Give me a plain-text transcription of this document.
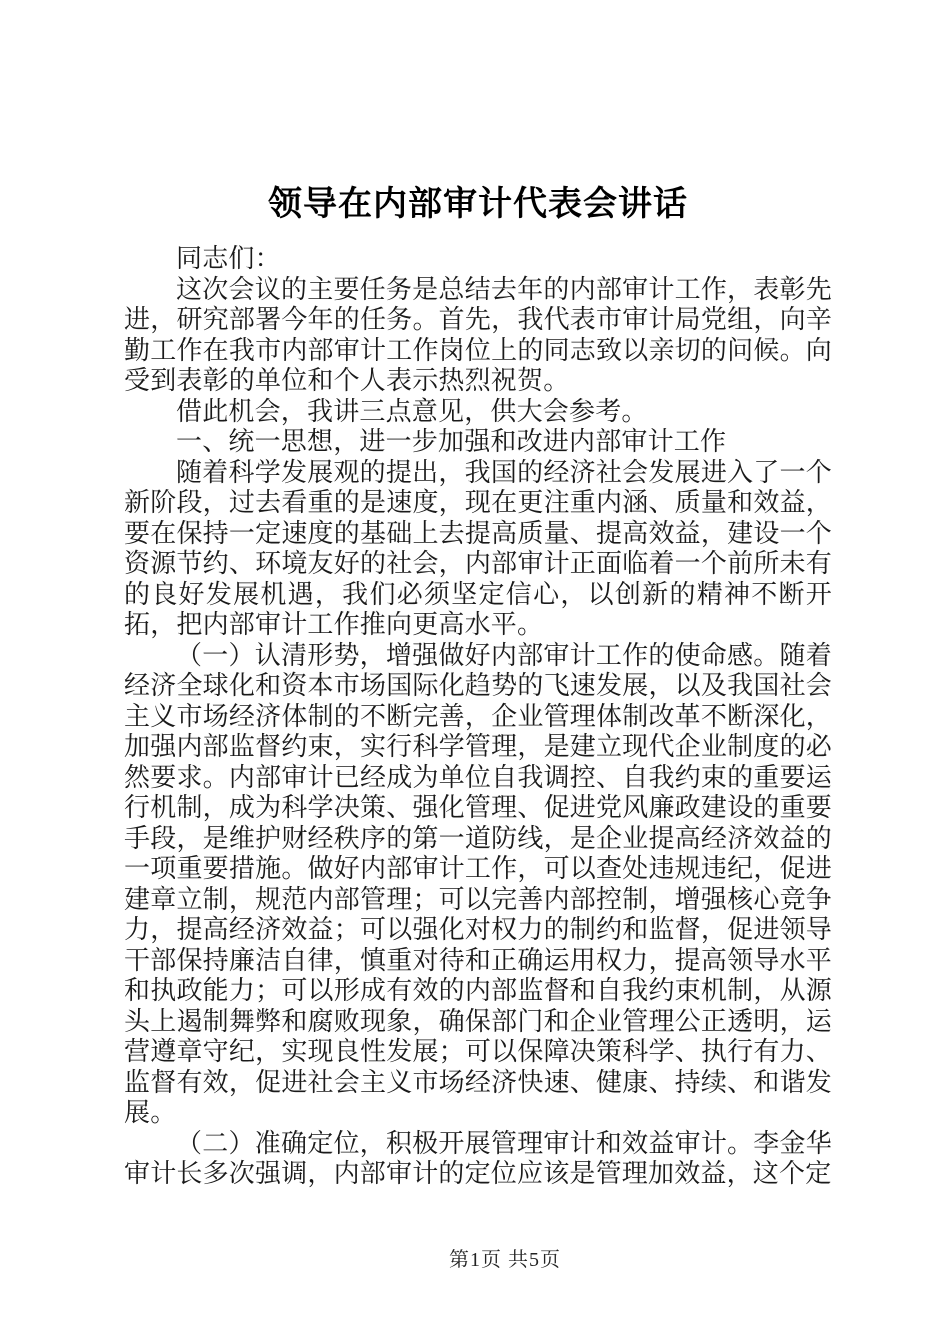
领导在内部审计代表会讲话

同志们：

这次会议的主要任务是总结去年的内部审计工作，表彰先进，研究部署今年的任务。首先，我代表市审计局党组，向辛勤工作在我市内部审计工作岗位上的同志致以亲切的问候。向受到表彰的单位和个人表示热烈祝贺。

借此机会，我讲三点意见，供大会参考。

一、统一思想，进一步加强和改进内部审计工作

随着科学发展观的提出，我国的经济社会发展进入了一个新阶段，过去看重的是速度，现在更注重内涵、质量和效益，要在保持一定速度的基础上去提高质量、提高效益，建设一个资源节约、环境友好的社会，内部审计正面临着一个前所未有的良好发展机遇，我们必须坚定信心，以创新的精神不断开拓，把内部审计工作推向更高水平。

（一）认清形势，增强做好内部审计工作的使命感。随着经济全球化和资本市场国际化趋势的飞速发展，以及我国社会主义市场经济体制的不断完善，企业管理体制改革不断深化，加强内部监督约束，实行科学管理，是建立现代企业制度的必然要求。内部审计已经成为单位自我调控、自我约束的重要运行机制，成为科学决策、强化管理、促进党风廉政建设的重要手段，是维护财经秩序的第一道防线，是企业提高经济效益的一项重要措施。做好内部审计工作，可以查处违规违纪，促进建章立制，规范内部管理；可以完善内部控制，增强核心竞争力，提高经济效益；可以强化对权力的制约和监督，促进领导干部保持廉洁自律，慎重对待和正确运用权力，提高领导水平和执政能力；可以形成有效的内部监督和自我约束机制，从源头上遏制舞弊和腐败现象，确保部门和企业管理公正透明，运营遵章守纪，实现良性发展；可以保障决策科学、执行有力、监督有效，促进社会主义市场经济快速、健康、持续、和谐发展。

（二）准确定位，积极开展管理审计和效益审计。李金华审计长多次强调，内部审计的定位应该是管理加效益，这个定

第1页 共5页
